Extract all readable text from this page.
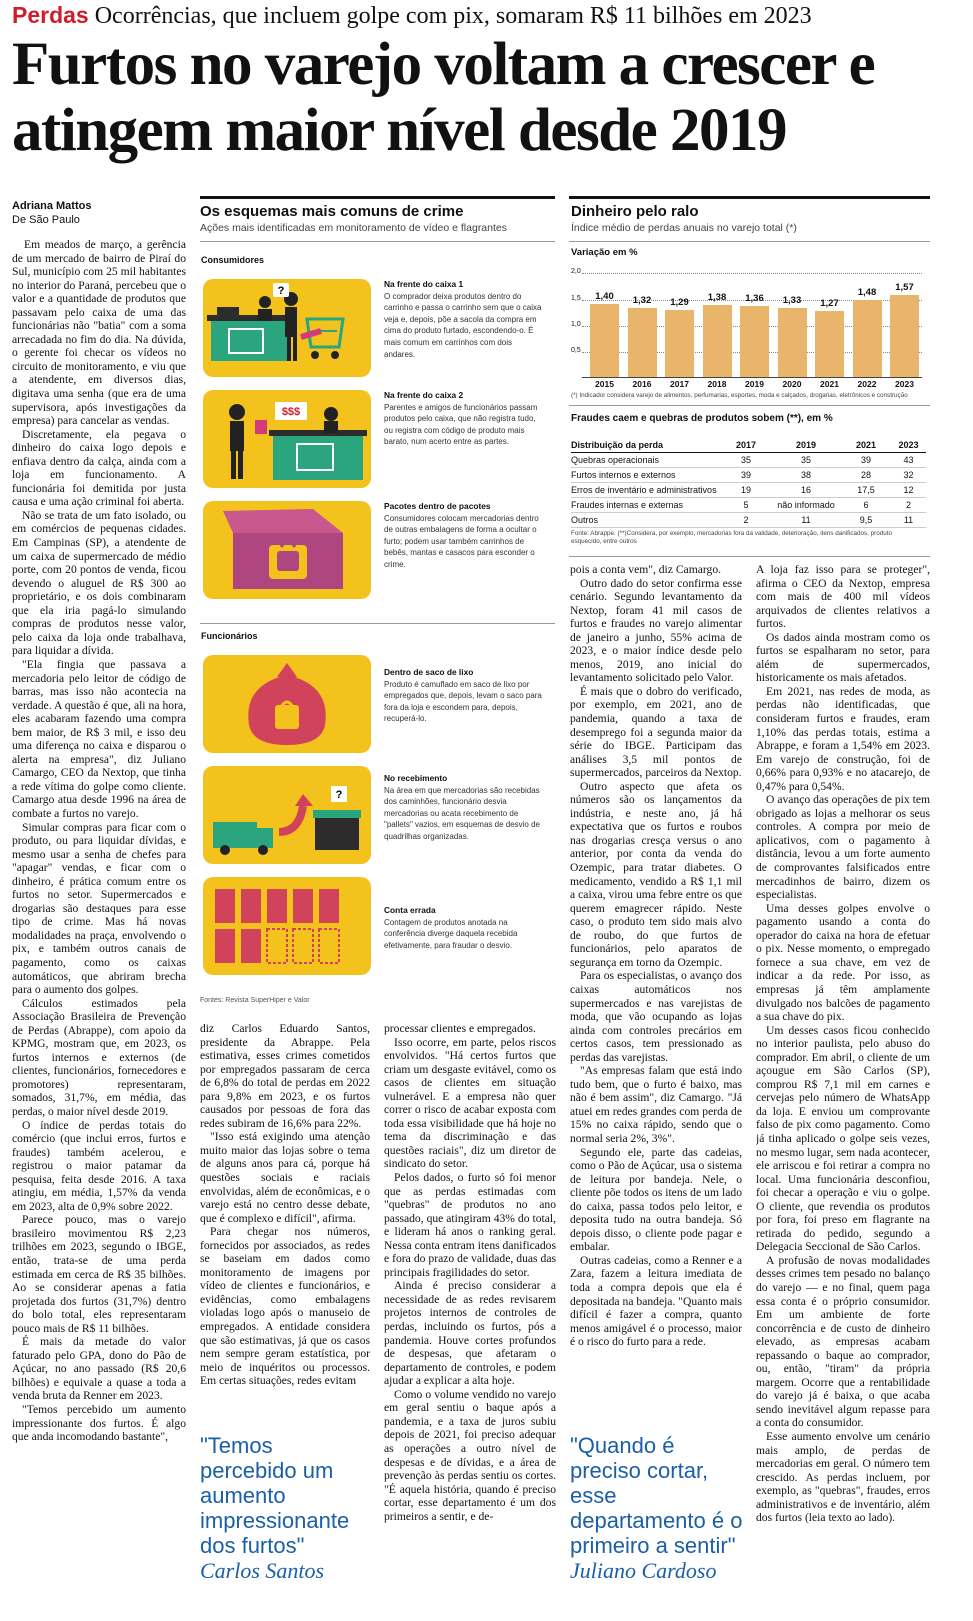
Perdas Ocorrências, que incluem golpe com pix, somaram R$ 11 bilhões em 2023
Furtos no varejo voltam a crescer e atingem maior nível desde 2019
Adriana Mattos
De São Paulo

Em meados de março, a gerência de um mercado de bairro de Piraí do Sul, município com 25 mil habitantes no interior do Paraná, percebeu que o valor e a quantidade de produtos que passavam pelo caixa de uma das funcionárias não "batia" com a soma arrecadada no fim do dia. Na dúvida, o gerente foi checar os vídeos no circuito de monitoramento, e viu que a atendente, em diversos dias, digitava uma senha (que era de uma supervisora, após investigações da empresa) para cancelar as vendas.

Discretamente, ela pegava o dinheiro do caixa logo depois e enfiava dentro da calça, ainda com a loja em funcionamento. A funcionária foi demitida por justa causa e uma ação criminal foi aberta.

Não se trata de um fato isolado, ou em comércios de pequenas cidades. Em Campinas (SP), a atendente de um caixa de supermercado de médio porte, com 20 pontos de venda, ficou devendo o aluguel de R$ 300 ao proprietário, e os dois combinaram que ela iria pagá-lo simulando compras de produtos nesse valor, pelo caixa da loja onde trabalhava, para liquidar a dívida.

"Ela fingia que passava a mercadoria pelo leitor de código de barras, mas isso não acontecia na verdade. A questão é que, ali na hora, eles acabaram fazendo uma compra bem maior, de R$ 3 mil, e isso deu uma diferença no caixa e disparou o alerta na empresa", diz Juliano Camargo, CEO da Nextop, que tinha a rede vítima do golpe como cliente. Camargo atua desde 1996 na área de combate a furtos no varejo.

Simular compras para ficar com o produto, ou para liquidar dívidas, e mesmo usar a senha de chefes para "apagar" vendas, e ficar com o dinheiro, é prática comum entre os furtos no setor. Supermercados e drogarias são destaques para esse tipo de crime. Mas há novas modalidades na praça, envolvendo o pix, e também outros canais de pagamento, como os caixas automáticos, que abriram brecha para o aumento dos golpes.

Cálculos estimados pela Associação Brasileira de Prevenção de Perdas (Abrappe), com apoio da KPMG, mostram que, em 2023, os furtos internos e externos (de clientes, funcionários, fornecedores e promotores) representaram, somados, 31,7%, em média, das perdas, o maior nível desde 2019.

O índice de perdas totais do comércio (que inclui erros, furtos e fraudes) também acelerou, e registrou o maior patamar da pesquisa, feita desde 2016. A taxa atingiu, em média, 1,57% da venda em 2023, alta de 0,9% sobre 2022.

Parece pouco, mas o varejo brasileiro movimentou R$ 2,23 trilhões em 2023, segundo o IBGE, então, trata-se de uma perda estimada em cerca de R$ 35 bilhões. Ao se considerar apenas a fatia projetada dos furtos (31,7%) dentro do bolo total, eles representaram pouco mais de R$ 11 bilhões.

É mais da metade do valor faturado pelo GPA, dono do Pão de Açúcar, no ano passado (R$ 20,6 bilhões) e equivale a quase a toda a venda bruta da Renner em 2023.

"Temos percebido um aumento impressionante dos furtos. É algo que anda incomodando bastante",

Os esquemas mais comuns de crime
Ações mais identificadas em monitoramento de vídeo e flagrantes
Consumidores
Funcionários
?
Na frente do caixa 1
O comprador deixa produtos dentro do carrinho e passa o carrinho sem que o caixa veja e, depois, põe a sacola da compra em cima do produto furtado, escondendo-o. É mais comum em carrinhos com dois andares.
$$$
Na frente do caixa 2
Parentes e amigos de funcionários passam produtos pelo caixa, que não registra tudo, ou registra com código de produto mais barato, num acerto entre as partes.
Pacotes dentro de pacotes
Consumidores colocam mercadorias dentro de outras embalagens de forma a ocultar o furto; podem usar também carrinhos de bebês, mantas e casacos para esconder o crime.
Dentro de saco de lixo
Produto é camuflado em saco de lixo por empregados que, depois, levam o saco para fora da loja e escondem para, depois, recuperá-lo.
?
No recebimento
Na área em que mercadorias são recebidas dos caminhões, funcionário desvia mercadorias ou acata recebimento de "pallets" vazios, em esquemas de desvio de quadrilhas organizadas.
Conta errada
Contagem de produtos anotada na conferência diverge daquela recebida efetivamente, para fraudar o desvio.
Fontes: Revista SuperHiper e Valor
Dinheiro pelo ralo
Índice médio de perdas anuais no varejo total (*)
Variação em %
2,0
1,5
1,0
0,5
1,40
2015
1,32
2016
1,29
2017
1,38
2018
1,36
2019
1,33
2020
1,27
2021
1,48
2022
1,57
2023
(*) Indicador considera varejo de alimentos, perfumarias, esportes, moda e calçados, drogarias, eletrônicos e construção
Fraudes caem e quebras de produtos sobem (**), em %
Distribuição da perda	2017	2019	2021	2023
Quebras operacionais	35	35	39	43
Furtos internos e externos	39	38	28	32
Erros de inventário e administrativos	19	16	17,5	12
Fraudes internas e externas	5	não informado	6	2
Outros	2	11	9,5	11
Fonte: Abrappe. (**)Considera, por exemplo, mercadorias fora da validade, deterioração, itens danificados, produto esquecido, entre outros

diz Carlos Eduardo Santos, presidente da Abrappe. Pela estimativa, esses crimes cometidos por empregados passaram de cerca de 6,8% do total de perdas em 2022 para 9,8% em 2023, e os furtos causados por pessoas de fora das redes subiram de 16,6% para 22%.

"Isso está exigindo uma atenção muito maior das lojas sobre o tema de alguns anos para cá, porque há questões sociais e raciais envolvidas, além de econômicas, e o varejo está no centro desse debate, que é complexo e difícil", afirma.

Para chegar nos números, fornecidos por associados, as redes se baseiam em dados como monitoramento de imagens por vídeo de clientes e funcionários, e evidências, como embalagens violadas logo após o manuseio de empregados. A entidade considera que são estimativas, já que os casos nem sempre geram estatística, por meio de inquéritos ou processos. Em certas situações, redes evitam

processar clientes e empregados.

Isso ocorre, em parte, pelos riscos envolvidos. "Há certos furtos que criam um desgaste evitável, como os casos de clientes em situação vulnerável. E a empresa não quer correr o risco de acabar exposta com toda essa visibilidade que há hoje no tema da discriminação e das questões raciais", diz um diretor de sindicato do setor.

Pelos dados, o furto só foi menor que as perdas estimadas com "quebras" de produtos no ano passado, que atingiram 43% do total, e lideram há anos o ranking geral. Nessa conta entram itens danificados e fora do prazo de validade, duas das principais fragilidades do setor.

Ainda é preciso considerar a necessidade de as redes revisarem projetos internos de controles de perdas, incluindo os furtos, pós a pandemia. Houve cortes profundos de despesas, que afetaram o departamento de controles, e podem ajudar a explicar a alta hoje.

Como o volume vendido no varejo em geral sentiu o baque após a pandemia, e a taxa de juros subiu depois de 2021, foi preciso adequar as operações a outro nível de despesas e de dívidas, e a área de prevenção às perdas sentiu os cortes. "É aquela história, quando é preciso cortar, esse departamento é um dos primeiros a sentir, e de-

pois a conta vem", diz Camargo.

Outro dado do setor confirma esse cenário. Segundo levantamento da Nextop, foram 41 mil casos de furtos e fraudes no varejo alimentar de janeiro a junho, 55% acima de 2023, e o maior índice desde pelo menos, 2019, ano inicial do levantamento solicitado pelo Valor.

É mais que o dobro do verificado, por exemplo, em 2021, ano de pandemia, quando a taxa de desemprego foi a segunda maior da série do IBGE. Participam das análises 3,5 mil pontos de supermercados, parceiros da Nextop.

Outro aspecto que afeta os números são os lançamentos da indústria, e neste ano, já há expectativa que os furtos e roubos nas drogarias cresça versus o ano anterior, por conta da venda do Ozempic, para tratar diabetes. O medicamento, vendido a R$ 1,1 mil a caixa, virou uma febre entre os que querem emagrecer rápido. Neste caso, o produto tem sido mais alvo de roubo, do que furtos de funcionários, pelo aparatos de segurança em torno da Ozempic.

Para os especialistas, o avanço dos caixas automáticos nos supermercados e nas varejistas de moda, que vão ocupando as lojas ainda com controles precários em certos casos, tem pressionado as perdas das varejistas.

"As empresas falam que está indo tudo bem, que o furto é baixo, mas não é bem assim", diz Camargo. "Já atuei em redes grandes com perda de 15% no caixa rápido, sendo que o normal seria 2%, 3%".

Segundo ele, parte das cadeias, como o Pão de Açúcar, usa o sistema de leitura por bandeja. Nele, o cliente põe todos os itens de um lado do caixa, passa todos pelo leitor, e deposita tudo na outra bandeja. Só depois disso, o cliente pode pagar e embalar.

Outras cadeias, como a Renner e a Zara, fazem a leitura imediata de toda a compra depois que ela é depositada na bandeja. "Quanto mais difícil é fazer a compra, quanto menos amigável é o processo, maior é o risco do furto para a rede.

A loja faz isso para se proteger", afirma o CEO da Nextop, empresa com mais de 400 mil vídeos arquivados de clientes relativos a furtos.

Os dados ainda mostram como os furtos se espalharam no setor, para além de supermercados, historicamente os mais afetados.

Em 2021, nas redes de moda, as perdas não identificadas, que consideram furtos e fraudes, eram 1,10% das perdas totais, estima a Abrappe, e foram a 1,54% em 2023. Em varejo de construção, foi de 0,66% para 0,93% e no atacarejo, de 0,47% para 0,54%.

O avanço das operações de pix tem obrigado as lojas a melhorar os seus controles. A compra por meio de aplicativos, com o pagamento à distância, levou a um forte aumento de comprovantes falsificados entre mercadinhos de bairro, dizem os especialistas.

Uma desses golpes envolve o pagamento usando a conta do operador do caixa na hora de efetuar o pix. Nesse momento, o empregado fornece a sua chave, em vez de indicar a da rede. Por isso, as empresas já têm amplamente divulgado nos balcões de pagamento a sua chave do pix.

Um desses casos ficou conhecido no interior paulista, pelo abuso do comprador. Em abril, o cliente de um açougue em São Carlos (SP), comprou R$ 7,1 mil em carnes e cervejas pelo número de WhatsApp da loja. E enviou um comprovante falso de pix como pagamento. Como já tinha aplicado o golpe seis vezes, no mesmo lugar, sem nada acontecer, ele arriscou e foi retirar a compra no local. Uma funcionária desconfiou, foi checar a operação e viu o golpe. O cliente, que revendia os produtos por fora, foi preso em flagrante na retirada do pedido, segundo a Delegacia Seccional de São Carlos.

A profusão de novas modalidades desses crimes tem pesado no balanço do varejo — e no final, quem paga essa conta é o próprio consumidor. Em um ambiente de forte concorrência e de custo de dinheiro elevado, as empresas acabam repassando o baque ao comprador, ou, então, "tiram" da própria margem. Ocorre que a rentabilidade do varejo já é baixa, o que acaba sendo inevitável algum repasse para a conta do consumidor.

Esse aumento envolve um cenário mais amplo, de perdas de mercadorias em geral. O número tem crescido. As perdas incluem, por exemplo, as "quebras", fraudes, erros administrativos e de inventário, além dos furtos (leia texto ao lado).

"Temos percebido um aumento impressionante dos furtos"
Carlos Santos
"Quando é preciso cortar, esse departamento é o primeiro a sentir"
Juliano Cardoso
